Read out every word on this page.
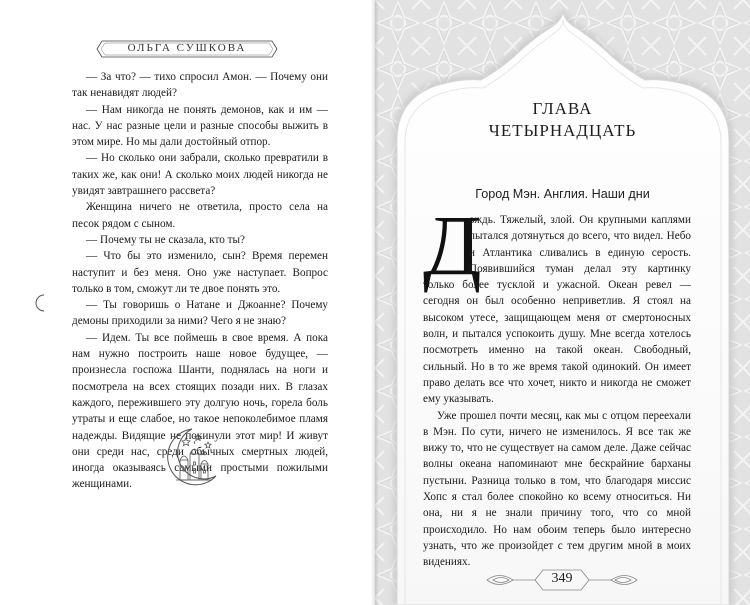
ОЛЬГА СУШКОВА

— За что? — тихо спросил Амон. — Почему они так ненавидят людей?

— Нам никогда не понять демонов, как и им — нас. У нас разные цели и разные способы выжить в этом мире. Но мы дали достойный отпор.

— Но сколько они забрали, сколько превратили в таких же, как они! А сколько моих людей никогда не увидят завтрашнего рассвета?

Женщина ничего не ответила, просто села на песок рядом с сыном.

— Почему ты не сказала, кто ты?

— Что бы это изменило, сын? Время перемен наступит и без меня. Оно уже наступает. Вопрос только в том, сможут ли те двое понять это.

— Ты говоришь о Натане и Джоанне? Почему демоны приходили за ними? Чего я не знаю?

— Идем. Ты все поймешь в свое время. А пока нам нужно построить наше новое будущее, — произнесла госпожа Шанти, поднялась на ноги и посмотрела на всех стоящих позади них. В глазах каждого, пережившего эту долгую ночь, горела боль утраты и еще слабое, но такое непоколебимое пламя надежды. Видящие не покинули этот мир! И живут они среди нас, среди обычных смертных людей, иногда оказываясь самыми простыми пожилыми женщинами.

ГЛАВА
ЧЕТЫРНАДЦАТЬ
Город Мэн. Англия. Наши дни
Д

ождь. Тяжелый, злой. Он крупными каплями пытался дотянуться до всего, что видел. Небо и Атлантика сливались в единую серость. Появившийся туман делал эту картинку только более тусклой и ужасной. Океан ревел — сегодня он был особенно неприветлив. Я стоял на высоком утесе, защищающем меня от смертоносных волн, и пытался успокоить душу. Мне всегда хотелось посмотреть именно на такой океан. Свободный, сильный. Но в то же время такой одинокий. Он имеет право делать все что хочет, никто и никогда не сможет ему указывать.

Уже прошел почти месяц, как мы с отцом переехали в Мэн. По сути, ничего не изменилось. Я все так же вижу то, что не существует на самом деле. Даже сейчас волны океана напоминают мне бескрайние барханы пустыни. Разница только в том, что благодаря миссис Хопс я стал более спокойно ко всему относиться. Ни она, ни я не знали причину того, что со мной происходило. Но нам обоим теперь было интересно узнать, что же произойдет с тем другим мной в моих видениях.

349
